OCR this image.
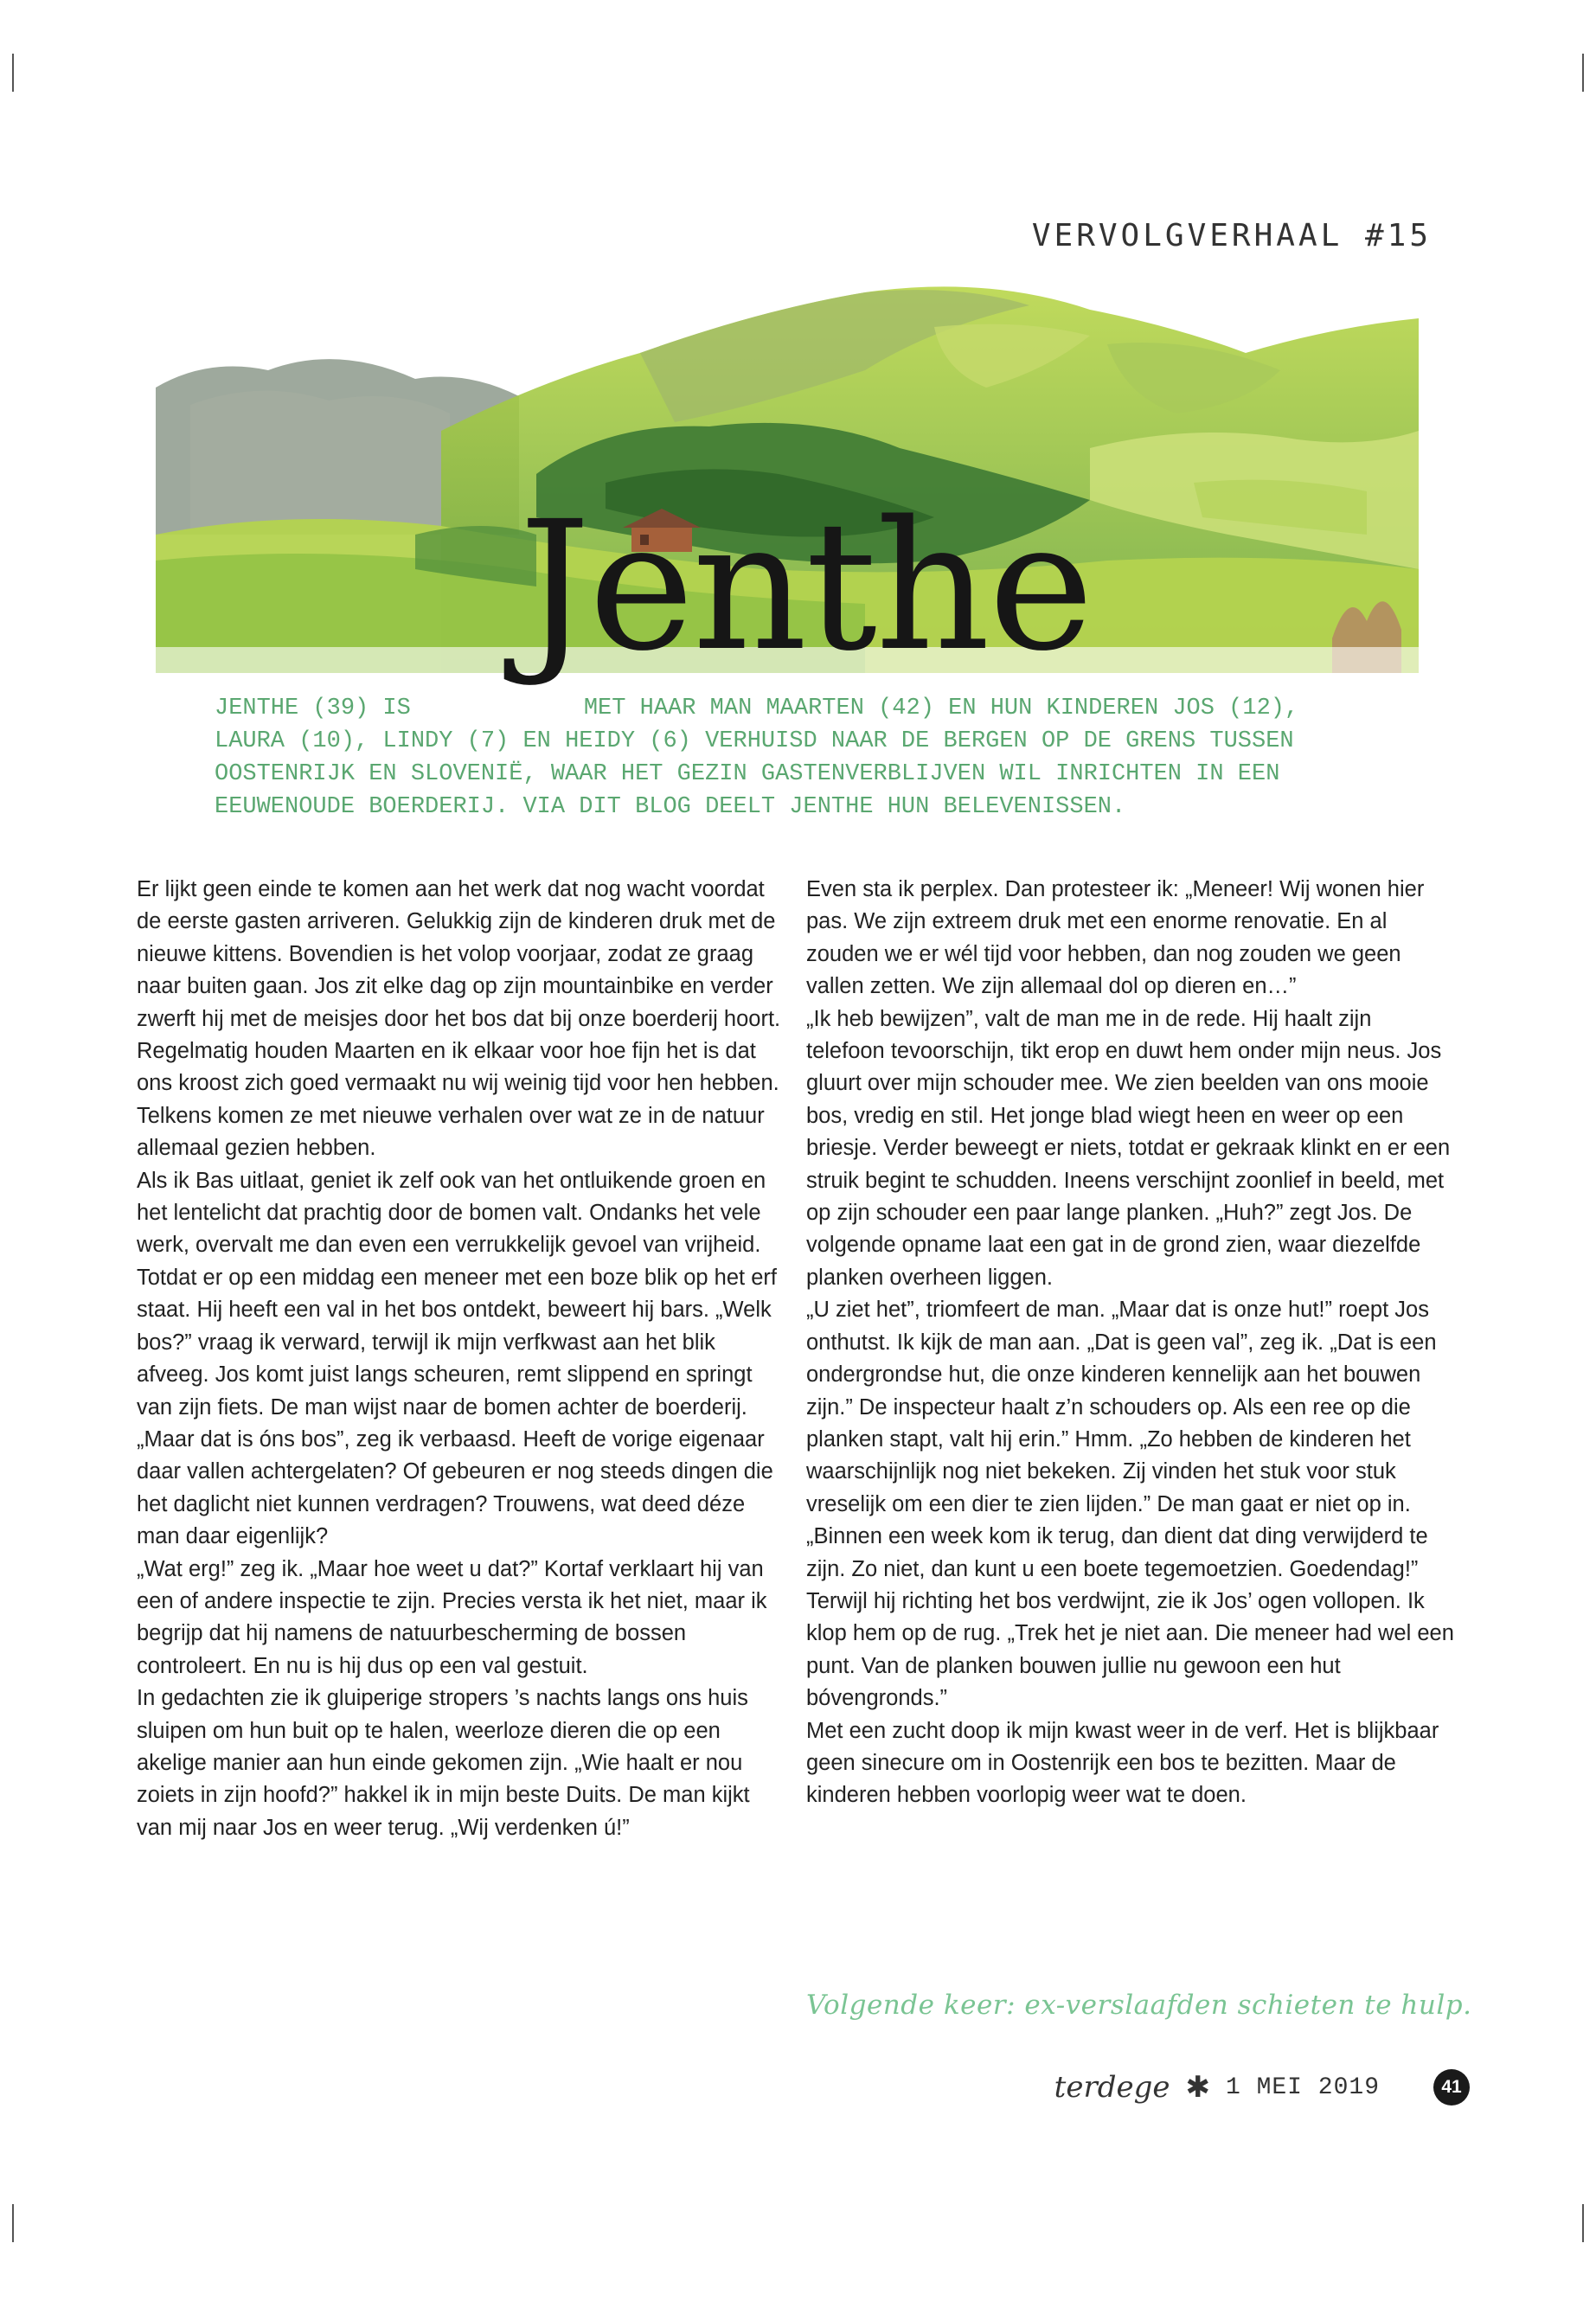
VERVOLGVERHAAL #15
Jenthe
JENTHE (39) IS	MET HAAR MAN MAARTEN (42) EN HUN KINDEREN JOS (12), LAURA (10), LINDY (7) EN HEIDY (6) VERHUISD NAAR DE BERGEN OP DE GRENS TUSSEN OOSTENRIJK EN SLOVENIË, WAAR HET GEZIN GASTENVERBLIJVEN WIL INRICHTEN IN EEN EEUWENOUDE BOERDERIJ. VIA DIT BLOG DEELT JENTHE HUN BELEVENISSEN.

Er lijkt geen einde te komen aan het werk dat nog wacht voordat de eerste gasten arriveren. Gelukkig zijn de kinderen druk met de nieuwe kittens. Bovendien is het volop voorjaar, zodat ze graag naar buiten gaan. Jos zit elke dag op zijn mountainbike en verder zwerft hij met de meisjes door het bos dat bij onze boerderij hoort. Regelmatig houden Maarten en ik elkaar voor hoe fijn het is dat ons kroost zich goed vermaakt nu wij weinig tijd voor hen hebben. Telkens komen ze met nieuwe verhalen over wat ze in de natuur allemaal gezien hebben.

Als ik Bas uitlaat, geniet ik zelf ook van het ontluikende groen en het lentelicht dat prachtig door de bomen valt. Ondanks het vele werk, overvalt me dan even een verrukkelijk gevoel van vrijheid.

Totdat er op een middag een meneer met een boze blik op het erf staat. Hij heeft een val in het bos ontdekt, beweert hij bars. „Welk bos?” vraag ik verward, terwijl ik mijn verfkwast aan het blik afveeg. Jos komt juist langs scheuren, remt slippend en springt van zijn fiets. De man wijst naar de bomen achter de boerderij.

„Maar dat is óns bos”, zeg ik verbaasd. Heeft de vorige eigenaar daar vallen achtergelaten? Of gebeuren er nog steeds dingen die het daglicht niet kunnen verdragen? Trouwens, wat deed déze man daar eigenlijk?

„Wat erg!” zeg ik. „Maar hoe weet u dat?” Kortaf verklaart hij van een of andere inspectie te zijn. Precies versta ik het niet, maar ik begrijp dat hij namens de natuurbescherming de bossen controleert. En nu is hij dus op een val gestuit.

In gedachten zie ik gluiperige stropers ’s nachts langs ons huis sluipen om hun buit op te halen, weerloze dieren die op een akelige manier aan hun einde gekomen zijn. „Wie haalt er nou zoiets in zijn hoofd?” hakkel ik in mijn beste Duits. De man kijkt van mij naar Jos en weer terug. „Wij verdenken ú!”

Even sta ik perplex. Dan protesteer ik: „Meneer! Wij wonen hier pas. We zijn extreem druk met een enorme renovatie. En al zouden we er wél tijd voor hebben, dan nog zouden we geen vallen zetten. We zijn allemaal dol op dieren en…”

„Ik heb bewijzen”, valt de man me in de rede. Hij haalt zijn telefoon tevoorschijn, tikt erop en duwt hem onder mijn neus. Jos gluurt over mijn schouder mee. We zien beelden van ons mooie bos, vredig en stil. Het jonge blad wiegt heen en weer op een briesje. Verder beweegt er niets, totdat er gekraak klinkt en er een struik begint te schudden. Ineens verschijnt zoonlief in beeld, met op zijn schouder een paar lange planken. „Huh?” zegt Jos. De volgende opname laat een gat in de grond zien, waar diezelfde planken overheen liggen.

„U ziet het”, triomfeert de man. „Maar dat is onze hut!” roept Jos onthutst. Ik kijk de man aan. „Dat is geen val”, zeg ik. „Dat is een ondergrondse hut, die onze kinderen kennelijk aan het bouwen zijn.” De inspecteur haalt z’n schouders op. Als een ree op die planken stapt, valt hij erin.” Hmm. „Zo hebben de kinderen het waarschijnlijk nog niet bekeken. Zij vinden het stuk voor stuk vreselijk om een dier te zien lijden.” De man gaat er niet op in. „Binnen een week kom ik terug, dan dient dat ding verwijderd te zijn. Zo niet, dan kunt u een boete tegemoetzien. Goedendag!”

Terwijl hij richting het bos verdwijnt, zie ik Jos’ ogen vollopen. Ik klop hem op de rug. „Trek het je niet aan. Die meneer had wel een punt. Van de planken bouwen jullie nu gewoon een hut bóvengronds.”

Met een zucht doop ik mijn kwast weer in de verf. Het is blijkbaar geen sinecure om in Oostenrijk een bos te bezitten. Maar de kinderen hebben voorlopig weer wat te doen.

Volgende keer: ex-verslaafden schieten te hulp.
terdege ✱ 1 MEI 2019	41
